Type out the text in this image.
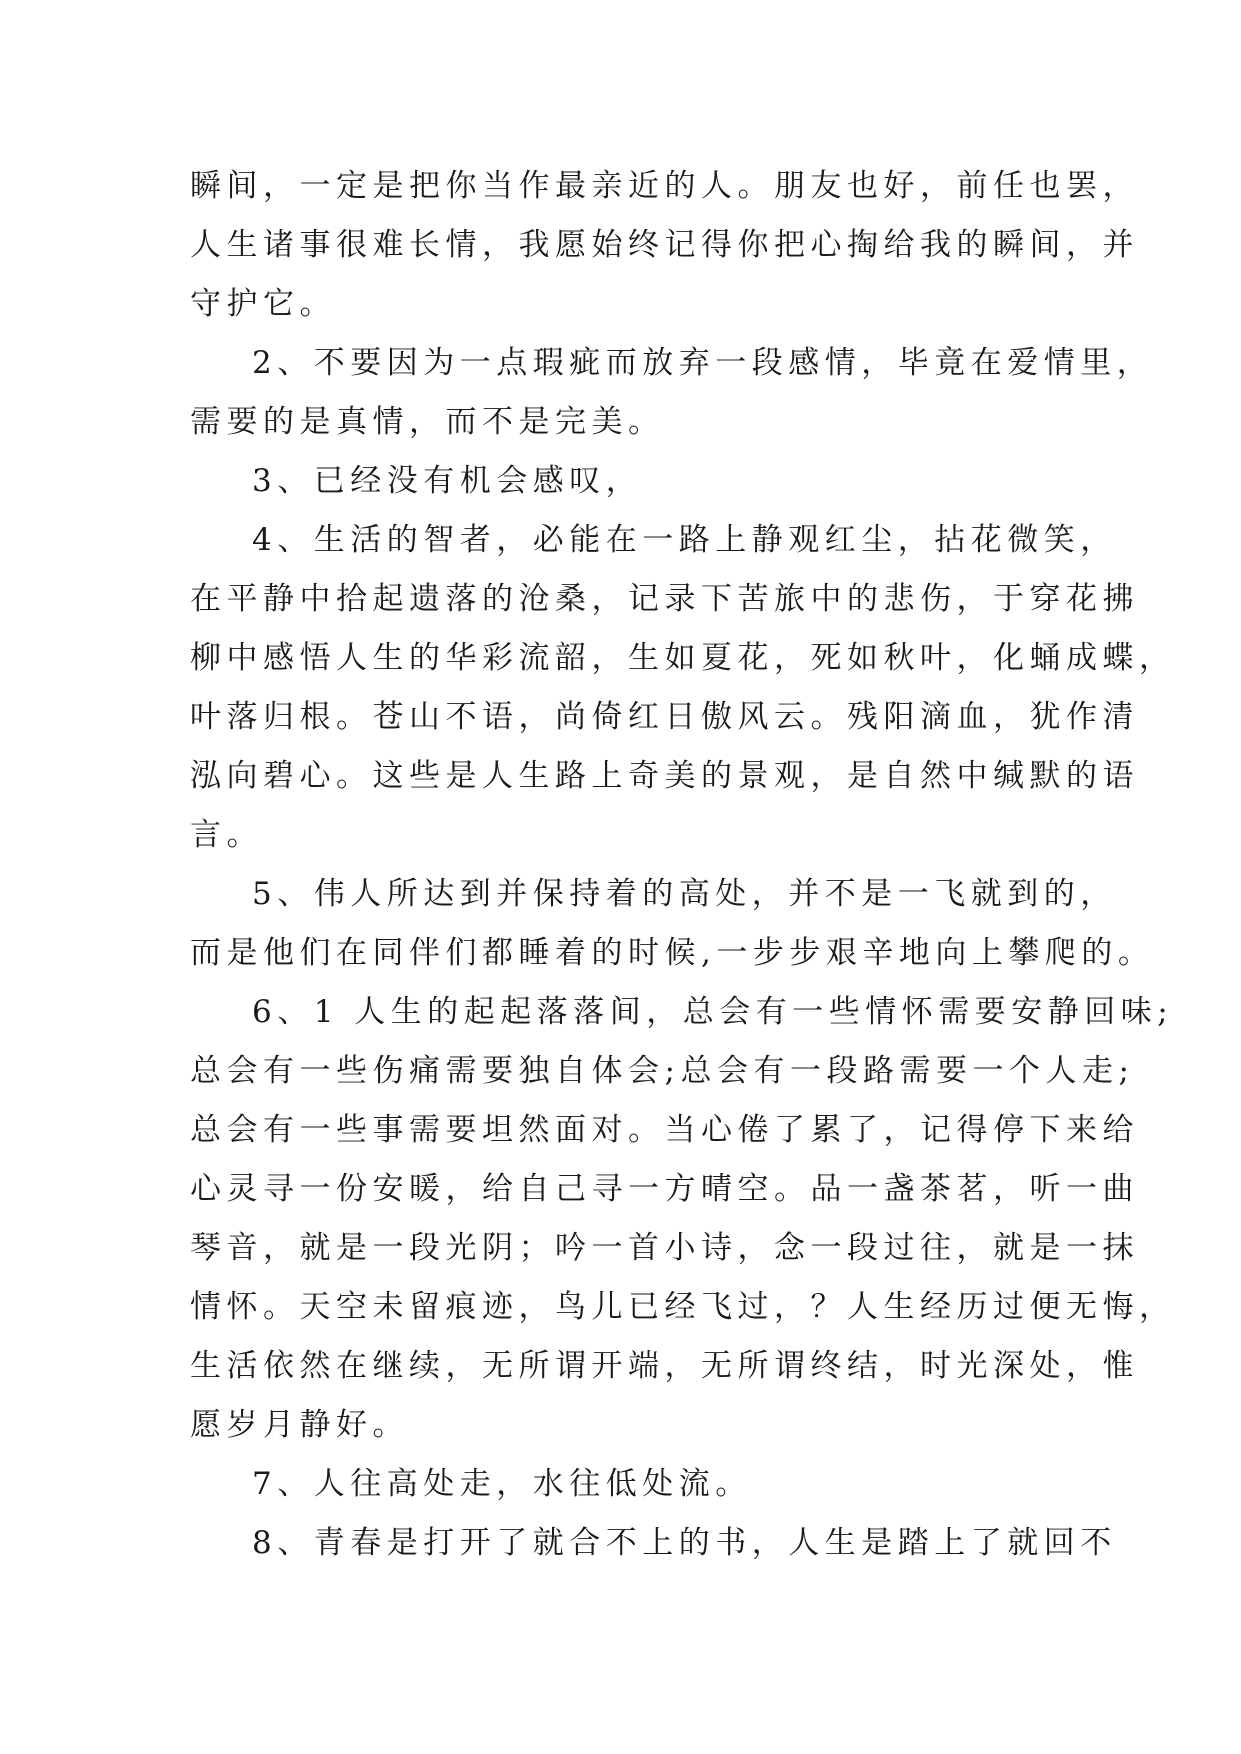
瞬间，一定是把你当作最亲近的人。朋友也好，前任也罢，
人生诸事很难长情，我愿始终记得你把心掏给我的瞬间，并
守护它。
2、不要因为一点瑕疵而放弃一段感情，毕竟在爱情里，
需要的是真情，而不是完美。
3、已经没有机会感叹，
4、生活的智者，必能在一路上静观红尘，拈花微笑，
在平静中拾起遗落的沧桑，记录下苦旅中的悲伤，于穿花拂
柳中感悟人生的华彩流韶，生如夏花，死如秋叶，化蛹成蝶，
叶落归根。苍山不语，尚倚红日傲风云。残阳滴血，犹作清
泓向碧心。这些是人生路上奇美的景观，是自然中缄默的语
言。
5、伟人所达到并保持着的高处，并不是一飞就到的，
而是他们在同伴们都睡着的时候,一步步艰辛地向上攀爬的。
6、1 人生的起起落落间，总会有一些情怀需要安静回味;
总会有一些伤痛需要独自体会;总会有一段路需要一个人走;
总会有一些事需要坦然面对。当心倦了累了，记得停下来给
心灵寻一份安暖，给自己寻一方晴空。品一盏茶茗，听一曲
琴音，就是一段光阴；吟一首小诗，念一段过往，就是一抹
情怀。天空未留痕迹，鸟儿已经飞过，？人生经历过便无悔，
生活依然在继续，无所谓开端，无所谓终结，时光深处，惟
愿岁月静好。
7、人往高处走，水往低处流。
8、青春是打开了就合不上的书，人生是踏上了就回不
